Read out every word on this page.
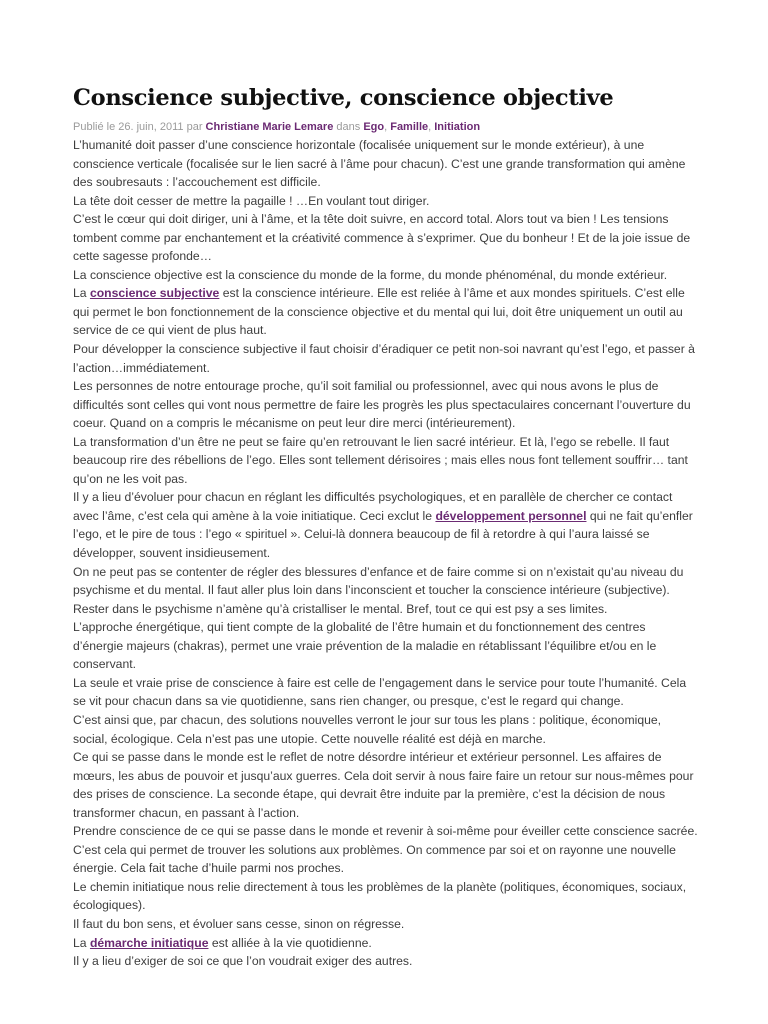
Conscience subjective, conscience objective
Publié le 26. juin, 2011 par Christiane Marie Lemare dans Ego, Famille, Initiation

L’humanité doit passer d’une conscience horizontale (focalisée uniquement sur le monde extérieur), à une conscience verticale (focalisée sur le lien sacré à l’âme pour chacun). C’est une grande transformation qui amène des soubresauts : l’accouchement est difficile.

La tête doit cesser de mettre la pagaille ! …En voulant tout diriger.

C’est le cœur qui doit diriger, uni à l’âme, et la tête doit suivre, en accord total. Alors tout va bien ! Les tensions tombent comme par enchantement et la créativité commence à s’exprimer. Que du bonheur ! Et de la joie issue de cette sagesse profonde…

La conscience objective est la conscience du monde de la forme, du monde phénoménal, du monde extérieur.

La conscience subjective est la conscience intérieure. Elle est reliée à l’âme et aux mondes spirituels. C’est elle qui permet le bon fonctionnement de la conscience objective et du mental qui lui, doit être uniquement un outil au service de ce qui vient de plus haut.

Pour développer la conscience subjective il faut choisir d’éradiquer ce petit non-soi navrant qu’est l’ego, et passer à l’action…immédiatement.

Les personnes de notre entourage proche, qu’il soit familial ou professionnel, avec qui nous avons le plus de difficultés sont celles qui vont nous permettre de faire les progrès les plus spectaculaires concernant l’ouverture du coeur. Quand on a compris le mécanisme on peut leur dire merci (intérieurement).

La transformation d’un être ne peut se faire qu’en retrouvant le lien sacré intérieur. Et là, l’ego se rebelle. Il faut beaucoup rire des rébellions de l’ego. Elles sont tellement dérisoires ; mais elles nous font tellement souffrir… tant qu’on ne les voit pas.

Il y a lieu d’évoluer pour chacun en réglant les difficultés psychologiques, et en parallèle de chercher ce contact avec l’âme, c’est cela qui amène à la voie initiatique. Ceci exclut le développement personnel qui ne fait qu’enfler l’ego, et le pire de tous : l’ego « spirituel ». Celui-là donnera beaucoup de fil à retordre à qui l’aura laissé se développer, souvent insidieusement.

On ne peut pas se contenter de régler des blessures d’enfance et de faire comme si on n’existait qu’au niveau du psychisme et du mental. Il faut aller plus loin dans l’inconscient et toucher la conscience intérieure (subjective). Rester dans le psychisme n’amène qu’à cristalliser le mental. Bref, tout ce qui est psy a ses limites.

L’approche énergétique, qui tient compte de la globalité de l’être humain et du fonctionnement des centres d’énergie majeurs (chakras), permet une vraie prévention de la maladie en rétablissant l’équilibre et/ou en le conservant.

La seule et vraie prise de conscience à faire est celle de l’engagement dans le service pour toute l’humanité. Cela se vit pour chacun dans sa vie quotidienne, sans rien changer, ou presque, c’est le regard qui change.

C’est ainsi que, par chacun, des solutions nouvelles verront le jour sur tous les plans : politique, économique, social, écologique. Cela n’est pas une utopie. Cette nouvelle réalité est déjà en marche.

Ce qui se passe dans le monde est le reflet de notre désordre intérieur et extérieur personnel. Les affaires de mœurs, les abus de pouvoir et jusqu’aux guerres. Cela doit servir à nous faire faire un retour sur nous-mêmes pour des prises de conscience. La seconde étape, qui devrait être induite par la première, c’est la décision de nous transformer chacun, en passant à l’action.

Prendre conscience de ce qui se passe dans le monde et revenir à soi-même pour éveiller cette conscience sacrée.

C’est cela qui permet de trouver les solutions aux problèmes. On commence par soi et on rayonne une nouvelle énergie. Cela fait tache d’huile parmi nos proches.

Le chemin initiatique nous relie directement à tous les problèmes de la planète (politiques, économiques, sociaux, écologiques).

Il faut du bon sens, et évoluer sans cesse, sinon on régresse.

La démarche initiatique est alliée à la vie quotidienne.

Il y a lieu d’exiger de soi ce que l’on voudrait exiger des autres.
